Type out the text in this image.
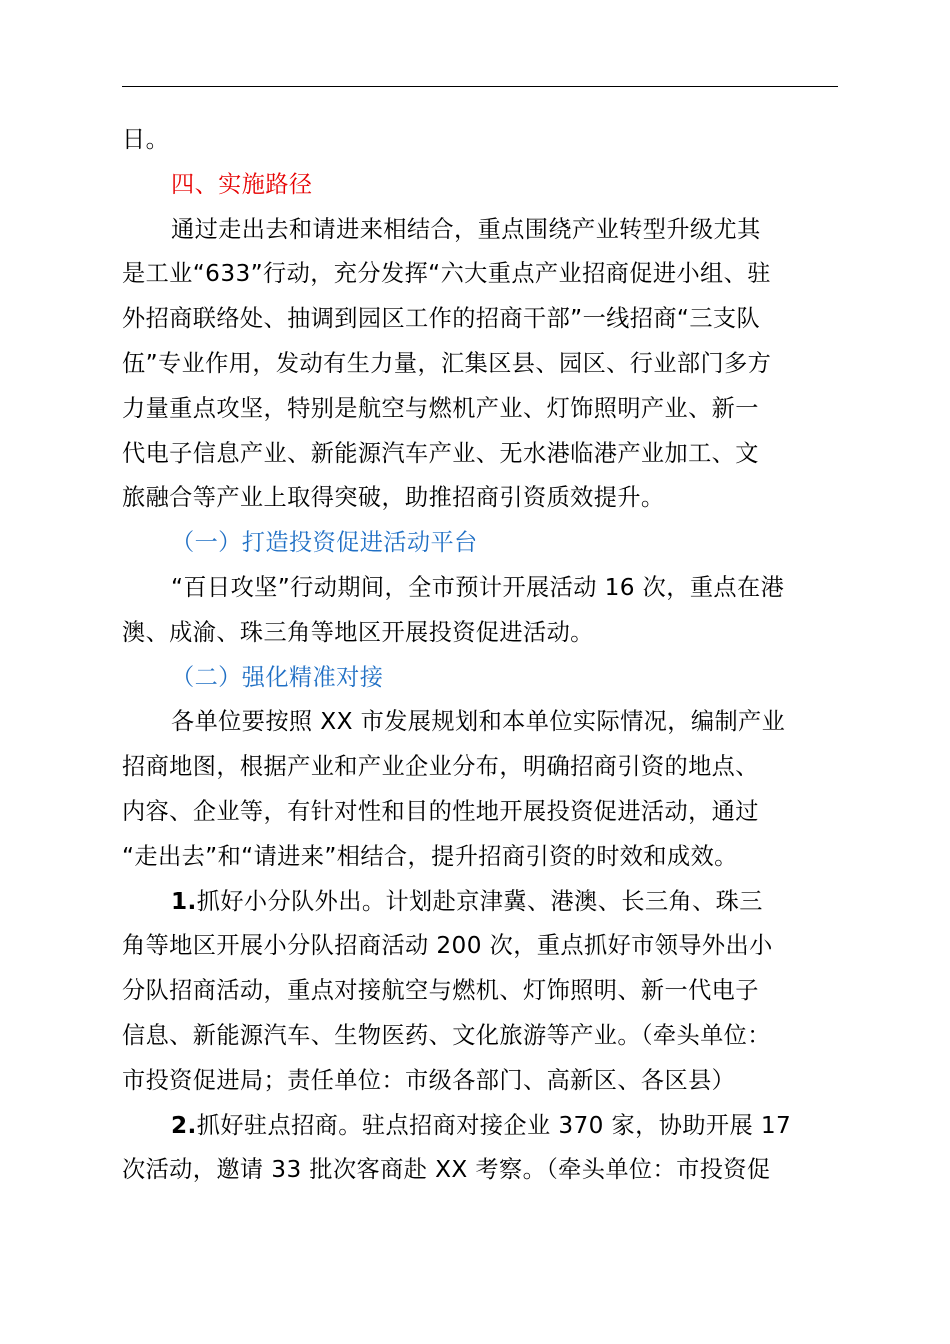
日。
四、实施路径
通过走出去和请进来相结合，重点围绕产业转型升级尤其
是工业“633”行动，充分发挥“六大重点产业招商促进小组、驻
外招商联络处、抽调到园区工作的招商干部”一线招商“三支队
伍”专业作用，发动有生力量，汇集区县、园区、行业部门多方
力量重点攻坚，特别是航空与燃机产业、灯饰照明产业、新一
代电子信息产业、新能源汽车产业、无水港临港产业加工、文
旅融合等产业上取得突破，助推招商引资质效提升。
（一）打造投资促进活动平台
“百日攻坚”行动期间，全市预计开展活动 16 次，重点在港
澳、成渝、珠三角等地区开展投资促进活动。
（二）强化精准对接
各单位要按照 XX 市发展规划和本单位实际情况，编制产业
招商地图，根据产业和产业企业分布，明确招商引资的地点、
内容、企业等，有针对性和目的性地开展投资促进活动，通过
“走出去”和“请进来”相结合，提升招商引资的时效和成效。
1.抓好小分队外出。计划赴京津冀、港澳、长三角、珠三
角等地区开展小分队招商活动 200 次，重点抓好市领导外出小
分队招商活动，重点对接航空与燃机、灯饰照明、新一代电子
信息、新能源汽车、生物医药、文化旅游等产业。（牵头单位：
市投资促进局；责任单位：市级各部门、高新区、各区县）
2.抓好驻点招商。驻点招商对接企业 370 家，协助开展 17
次活动，邀请 33 批次客商赴 XX 考察。（牵头单位：市投资促
